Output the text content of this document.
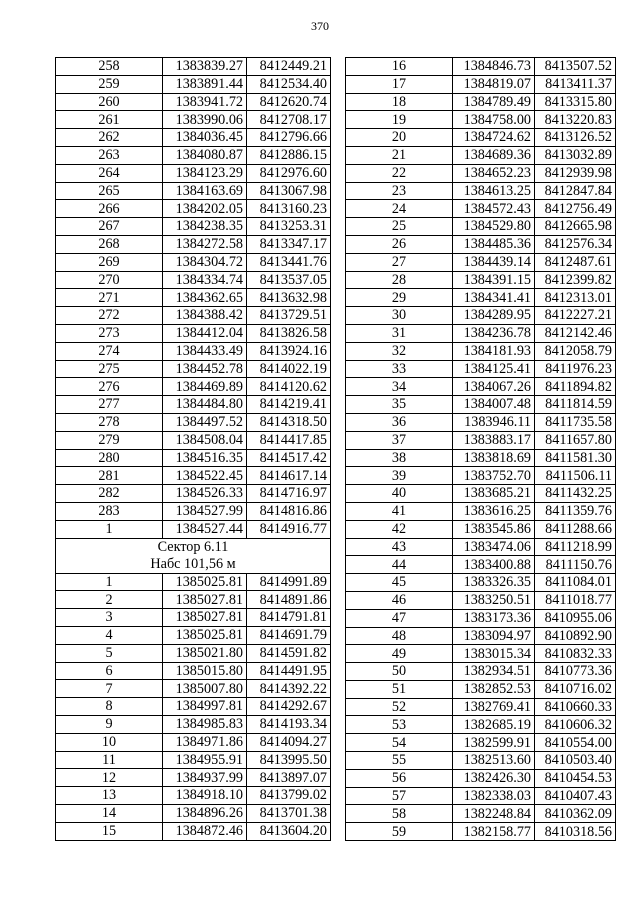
370
258	1383839.27	8412449.21
259	1383891.44	8412534.40
260	1383941.72	8412620.74
261	1383990.06	8412708.17
262	1384036.45	8412796.66
263	1384080.87	8412886.15
264	1384123.29	8412976.60
265	1384163.69	8413067.98
266	1384202.05	8413160.23
267	1384238.35	8413253.31
268	1384272.58	8413347.17
269	1384304.72	8413441.76
270	1384334.74	8413537.05
271	1384362.65	8413632.98
272	1384388.42	8413729.51
273	1384412.04	8413826.58
274	1384433.49	8413924.16
275	1384452.78	8414022.19
276	1384469.89	8414120.62
277	1384484.80	8414219.41
278	1384497.52	8414318.50
279	1384508.04	8414417.85
280	1384516.35	8414517.42
281	1384522.45	8414617.14
282	1384526.33	8414716.97
283	1384527.99	8414816.86
1	1384527.44	8414916.77

Сектор 6.11
Набс 101,56 м		

1	1385025.81	8414991.89
2	1385027.81	8414891.86
3	1385027.81	8414791.81
4	1385025.81	8414691.79
5	1385021.80	8414591.82
6	1385015.80	8414491.95
7	1385007.80	8414392.22
8	1384997.81	8414292.67
9	1384985.83	8414193.34
10	1384971.86	8414094.27
11	1384955.91	8413995.50
12	1384937.99	8413897.07
13	1384918.10	8413799.02
14	1384896.26	8413701.38
15	1384872.46	8413604.20
16	1384846.73	8413507.52
17	1384819.07	8413411.37
18	1384789.49	8413315.80
19	1384758.00	8413220.83
20	1384724.62	8413126.52
21	1384689.36	8413032.89
22	1384652.23	8412939.98
23	1384613.25	8412847.84
24	1384572.43	8412756.49
25	1384529.80	8412665.98
26	1384485.36	8412576.34
27	1384439.14	8412487.61
28	1384391.15	8412399.82
29	1384341.41	8412313.01
30	1384289.95	8412227.21
31	1384236.78	8412142.46
32	1384181.93	8412058.79
33	1384125.41	8411976.23
34	1384067.26	8411894.82
35	1384007.48	8411814.59
36	1383946.11	8411735.58
37	1383883.17	8411657.80
38	1383818.69	8411581.30
39	1383752.70	8411506.11
40	1383685.21	8411432.25
41	1383616.25	8411359.76
42	1383545.86	8411288.66
43	1383474.06	8411218.99
44	1383400.88	8411150.76
45	1383326.35	8411084.01
46	1383250.51	8411018.77
47	1383173.36	8410955.06
48	1383094.97	8410892.90
49	1383015.34	8410832.33
50	1382934.51	8410773.36
51	1382852.53	8410716.02
52	1382769.41	8410660.33
53	1382685.19	8410606.32
54	1382599.91	8410554.00
55	1382513.60	8410503.40
56	1382426.30	8410454.53
57	1382338.03	8410407.43
58	1382248.84	8410362.09
59	1382158.77	8410318.56
